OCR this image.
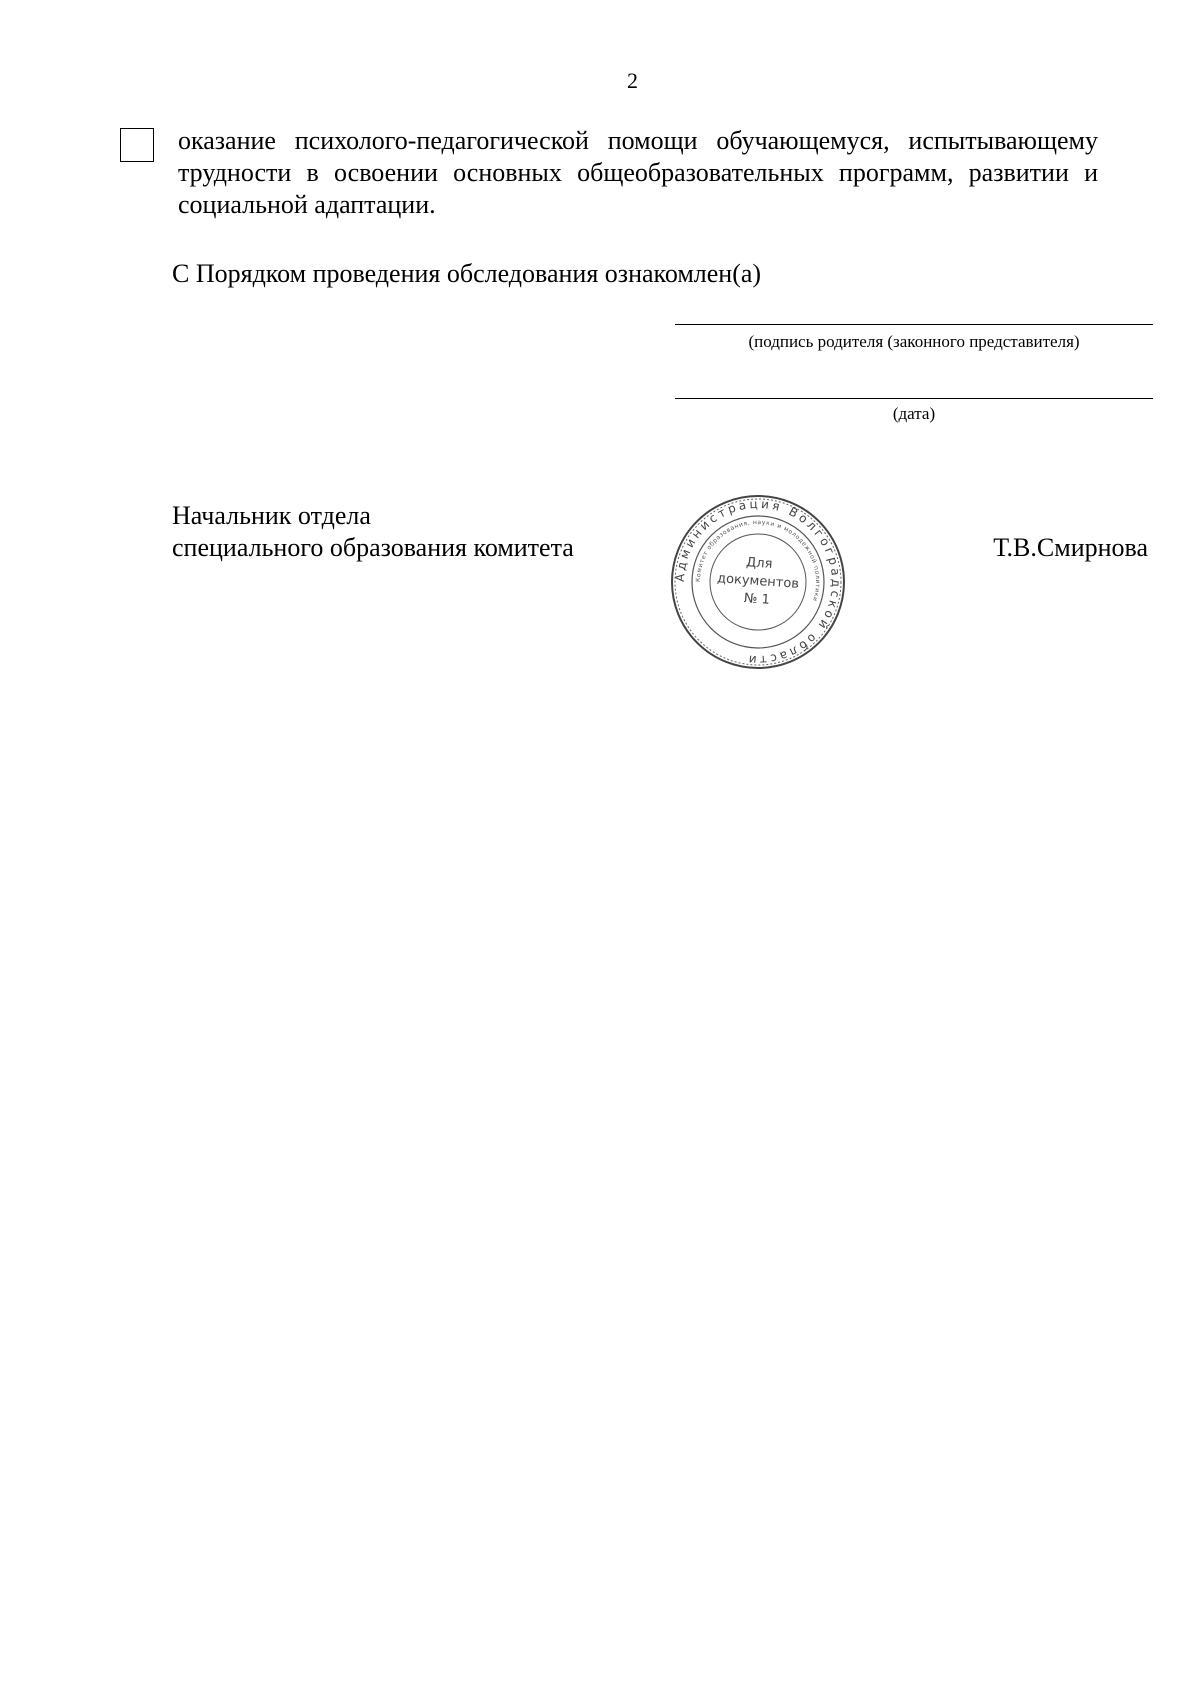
2
оказание психолого-педагогической помощи обучающемуся, испытывающему трудности в освоении основных общеобразовательных программ, развитии и социальной адаптации.
С Порядком проведения обследования ознакомлен(а)
(подпись родителя (законного представителя)
(дата)
Начальник отдела
специального образования комитета
Администрация Волгоградской области
Комитет образования, науки и молодежной политики
Для
документов
№ 1
Т.В.Смирнова
